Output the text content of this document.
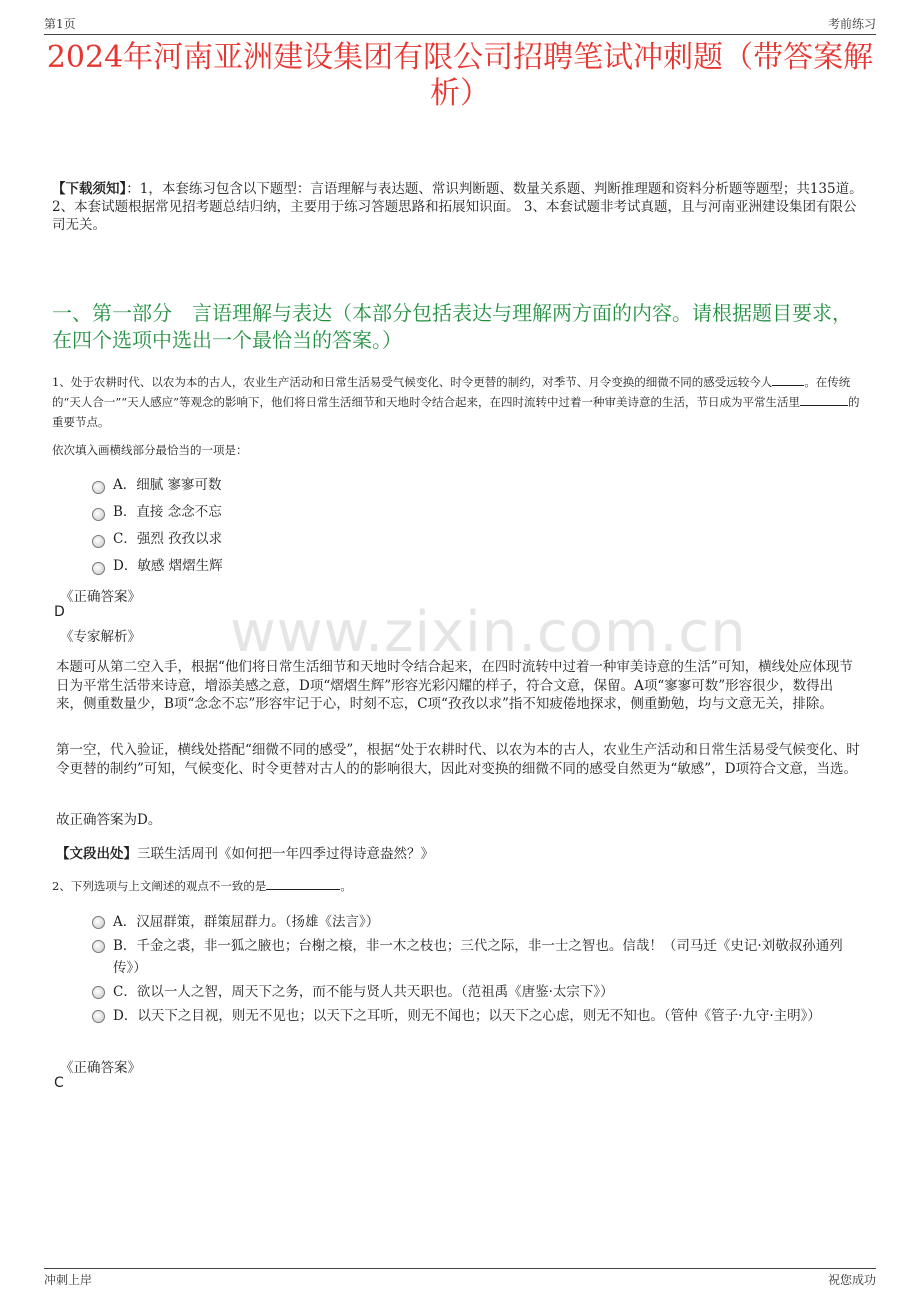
第1页	考前练习
2024年河南亚洲建设集团有限公司招聘笔试冲刺题（带答案解析）
【下载须知】：1，本套练习包含以下题型：言语理解与表达题、常识判断题、数量关系题、判断推理题和资料分析题等题型；共135道。 2、本套试题根据常见招考题总结归纳，主要用于练习答题思路和拓展知识面。 3、本套试题非考试真题，且与河南亚洲建设集团有限公司无关。
一、第一部分　言语理解与表达（本部分包括表达与理解两方面的内容。请根据题目要求，在四个选项中选出一个最恰当的答案。）
1、处于农耕时代、以农为本的古人，农业生产活动和日常生活易受气候变化、时令更替的制约，对季节、月令变换的细微不同的感受远较今人	。在传统的“天人合一”“天人感应”等观念的影响下，他们将日常生活细节和天地时令结合起来，在四时流转中过着一种审美诗意的生活，节日成为平常生活里	的重要节点。
依次填入画横线部分最恰当的一项是：
A．细腻 寥寥可数
B．直接 念念不忘
C．强烈 孜孜以求
D．敏感 熠熠生辉
《正确答案》
D
《专家解析》 www.zixin.com.cn
本题可从第二空入手，根据“他们将日常生活细节和天地时令结合起来，在四时流转中过着一种审美诗意的生活”可知，横线处应体现节日为平常生活带来诗意，增添美感之意，D项“熠熠生辉”形容光彩闪耀的样子，符合文意，保留。A项“寥寥可数”形容很少，数得出来，侧重数量少，B项“念念不忘”形容牢记于心，时刻不忘，C项“孜孜以求”指不知疲倦地探求，侧重勤勉，均与文意无关，排除。
第一空，代入验证，横线处搭配“细微不同的感受”，根据“处于农耕时代、以农为本的古人，农业生产活动和日常生活易受气候变化、时令更替的制约”可知，气候变化、时令更替对古人的的影响很大，因此对变换的细微不同的感受自然更为“敏感”，D项符合文意，当选。
故正确答案为D。
【文段出处】三联生活周刊《如何把一年四季过得诗意盎然？》
2、下列选项与上文阐述的观点不一致的是	。
A．汉屈群策，群策屈群力。（扬雄《法言》）
B．千金之裘，非一狐之腋也；台榭之榱，非一木之枝也；三代之际，非一士之智也。信哉！（司马迁《史记·刘敬叔孙通列传》）
C．欲以一人之智，周天下之务，而不能与贤人共天职也。（范祖禹《唐鉴·太宗下》）
D．以天下之目视，则无不见也；以天下之耳听，则无不闻也；以天下之心虑，则无不知也。（管仲《管子·九守·主明》）
《正确答案》
C
冲刺上岸	祝您成功
